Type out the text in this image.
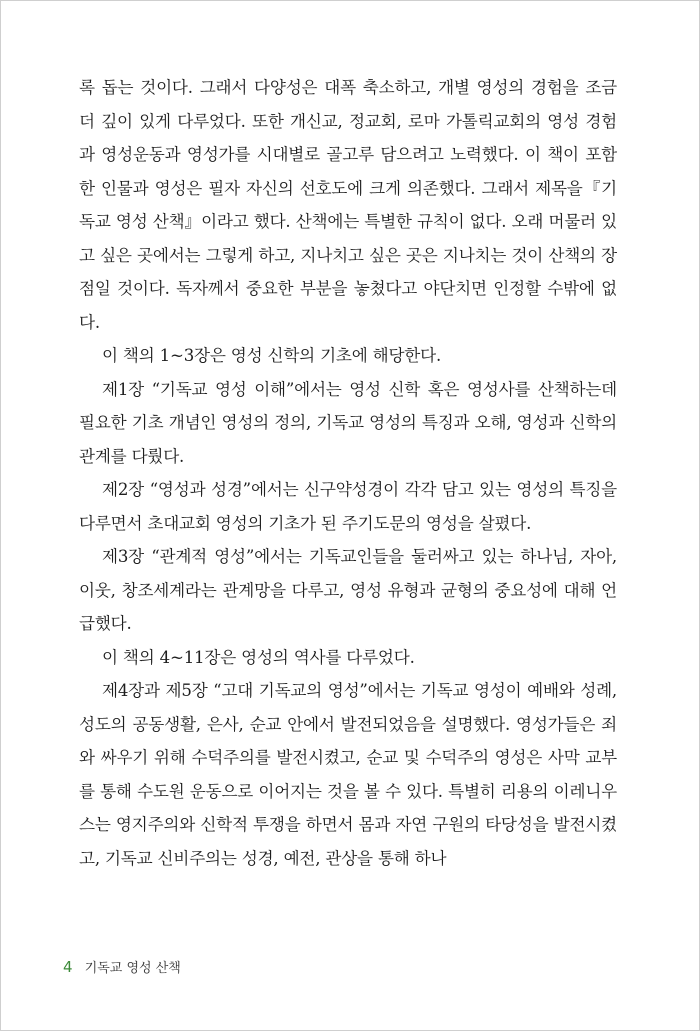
록 돕는 것이다. 그래서 다양성은 대폭 축소하고, 개별 영성의 경험을 조금 더 깊이 있게 다루었다. 또한 개신교, 정교회, 로마 가톨릭교회의 영성 경험과 영성운동과 영성가를 시대별로 골고루 담으려고 노력했다. 이 책이 포함한 인물과 영성은 필자 자신의 선호도에 크게 의존했다. 그래서 제목을『기독교 영성 산책』이라고 했다. 산책에는 특별한 규칙이 없다. 오래 머물러 있고 싶은 곳에서는 그렇게 하고, 지나치고 싶은 곳은 지나치는 것이 산책의 장점일 것이다. 독자께서 중요한 부분을 놓쳤다고 야단치면 인정할 수밖에 없다.

이 책의 1~3장은 영성 신학의 기초에 해당한다.

제1장 “기독교 영성 이해”에서는 영성 신학 혹은 영성사를 산책하는데 필요한 기초 개념인 영성의 정의, 기독교 영성의 특징과 오해, 영성과 신학의 관계를 다뤘다.

제2장 “영성과 성경”에서는 신구약성경이 각각 담고 있는 영성의 특징을 다루면서 초대교회 영성의 기초가 된 주기도문의 영성을 살폈다.

제3장 “관계적 영성”에서는 기독교인들을 둘러싸고 있는 하나님, 자아, 이웃, 창조세계라는 관계망을 다루고, 영성 유형과 균형의 중요성에 대해 언급했다.

이 책의 4~11장은 영성의 역사를 다루었다.

제4장과 제5장 “고대 기독교의 영성”에서는 기독교 영성이 예배와 성례, 성도의 공동생활, 은사, 순교 안에서 발전되었음을 설명했다. 영성가들은 죄와 싸우기 위해 수덕주의를 발전시켰고, 순교 및 수덕주의 영성은 사막 교부를 통해 수도원 운동으로 이어지는 것을 볼 수 있다. 특별히 리용의 이레니우스는 영지주의와 신학적 투쟁을 하면서 몸과 자연 구원의 타당성을 발전시켰고, 기독교 신비주의는 성경, 예전, 관상을 통해 하나

4 기독교 영성 산책
